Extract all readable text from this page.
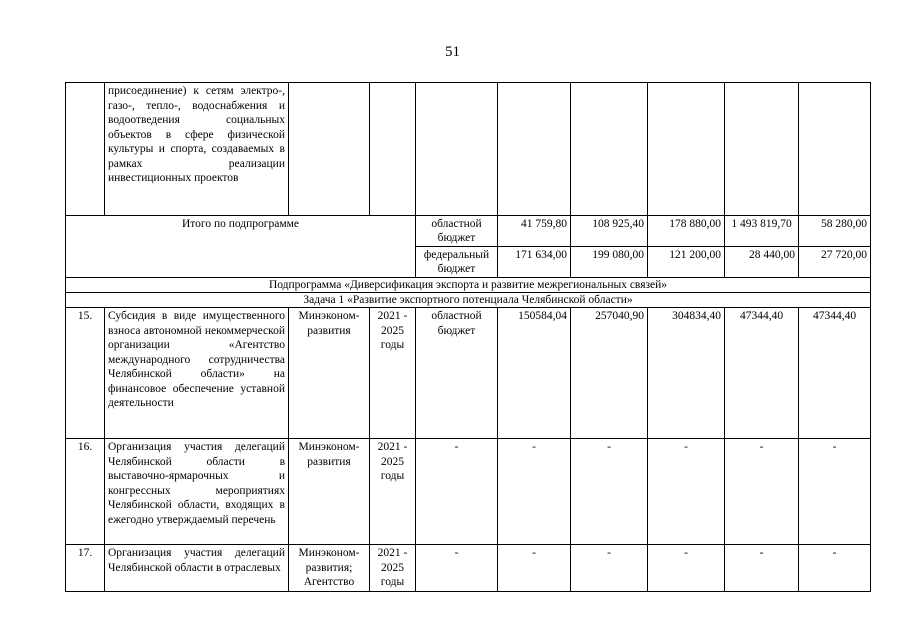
51
	присоединение) к сетям электро-, газо-, тепло-, водоснабжения и водоотведения социальных объектов в сфере физической культуры и спорта, создаваемых в рамках реализации инвестиционных проектов								
Итого по подпрограмме				областной бюджет	41 759,80	108 925,40	178 880,00	1 493 819,70	58 280,00
				федеральный бюджет	171 634,00	199 080,00	121 200,00	28 440,00	27 720,00
Подпрограмма «Диверсификация экспорта и развитие межрегиональных связей»									
Задача 1 «Развитие экспортного потенциала Челябинской области»									
15.	Субсидия в виде имущественного взноса автономной некоммерческой организации «Агентство международного сотрудничества Челябинской области» на финансовое обеспечение уставной деятельности	Минэконом-развития	2021 - 2025 годы	областной бюджет	150584,04	257040,90	304834,40	47344,40	47344,40
16.	Организация участия делегаций Челябинской области в выставочно-ярмарочных и конгрессных мероприятиях Челябинской области, входящих в ежегодно утверждаемый перечень	Минэконом-развития	2021 - 2025 годы	-	-	-	-	-	-
17.	Организация участия делегаций Челябинской области в отраслевых	Минэконом-развития; Агентство	2021 - 2025 годы	-	-	-	-	-	-
